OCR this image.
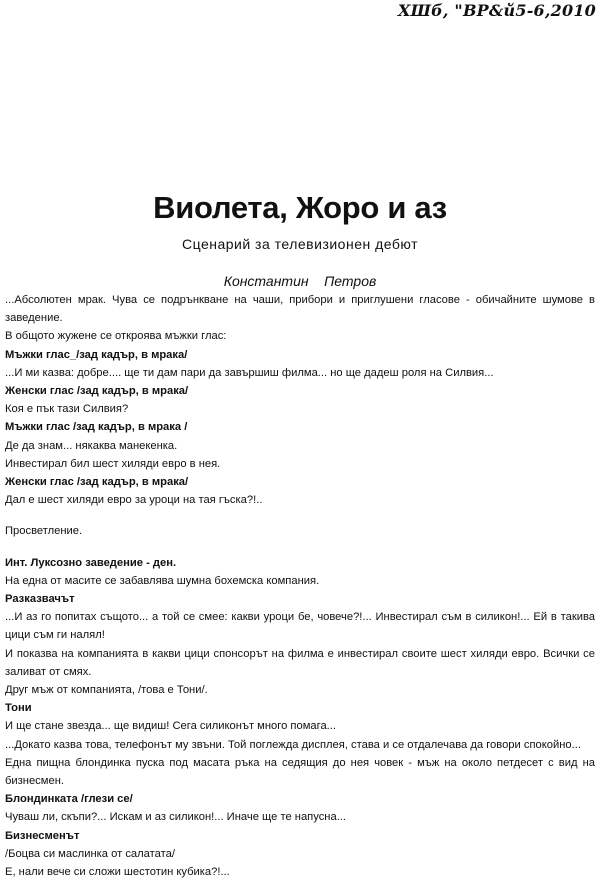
ХШб, "ВР&й5-6,2010
Виолета, Жоро и аз
Сценарий за телевизионен дебют
Константин    Петров

...Абсолютен мрак. Чува се подрънкване на чаши, прибори и приглушени гласове - обичайните шумове в заведение.

В общото жужене се откроява мъжки глас:

Мъжки глас_/зад кадър, в мрака/

...И ми казва: добре.... ще ти дам пари да завършиш филма... но ще дадеш роля на Силвия...

Женски глас /зад кадър, в мрака/

Коя е пък тази Силвия?

Мъжки глас /зад кадър, в мрака /

Де да знам... някаква манекенка.

Инвестирал бил шест хиляди евро в нея.

Женски глас /зад кадър, в мрака/

Дал е шест хиляди евро за уроци на тая гъска?!..

Просветление.

Инт. Луксозно заведение - ден.

На една от масите се забавлява шумна бохемска компания.

Разказвачът

...И аз го попитах същото... а той се смее: какви уроци бе, човече?!... Инвестирал съм в силикон!... Ей в такива цици съм ги налял!

И показва на компанията в какви цици спонсорът на филма е инвестирал своите шест хиляди евро. Всички се заливат от смях.

Друг мъж от компанията, /това е Тони/.

Тони

И ще стане звезда... ще видиш! Сега силиконът много помага...

...Докато казва това, телефонът му звъни. Той поглежда дисплея, става и се отдалечава да говори спокойно...

Една пищна блондинка пуска под масата ръка на седящия до нея човек - мъж на около петдесет с вид на бизнесмен.

Блондинката /глези се/

Чуваш ли, скъпи?... Искам и аз силикон!... Иначе ще те напусна...

Бизнесменът

/Боцва си маслинка от салатата/

Е, нали вече си сложи шестотин кубика?!...
